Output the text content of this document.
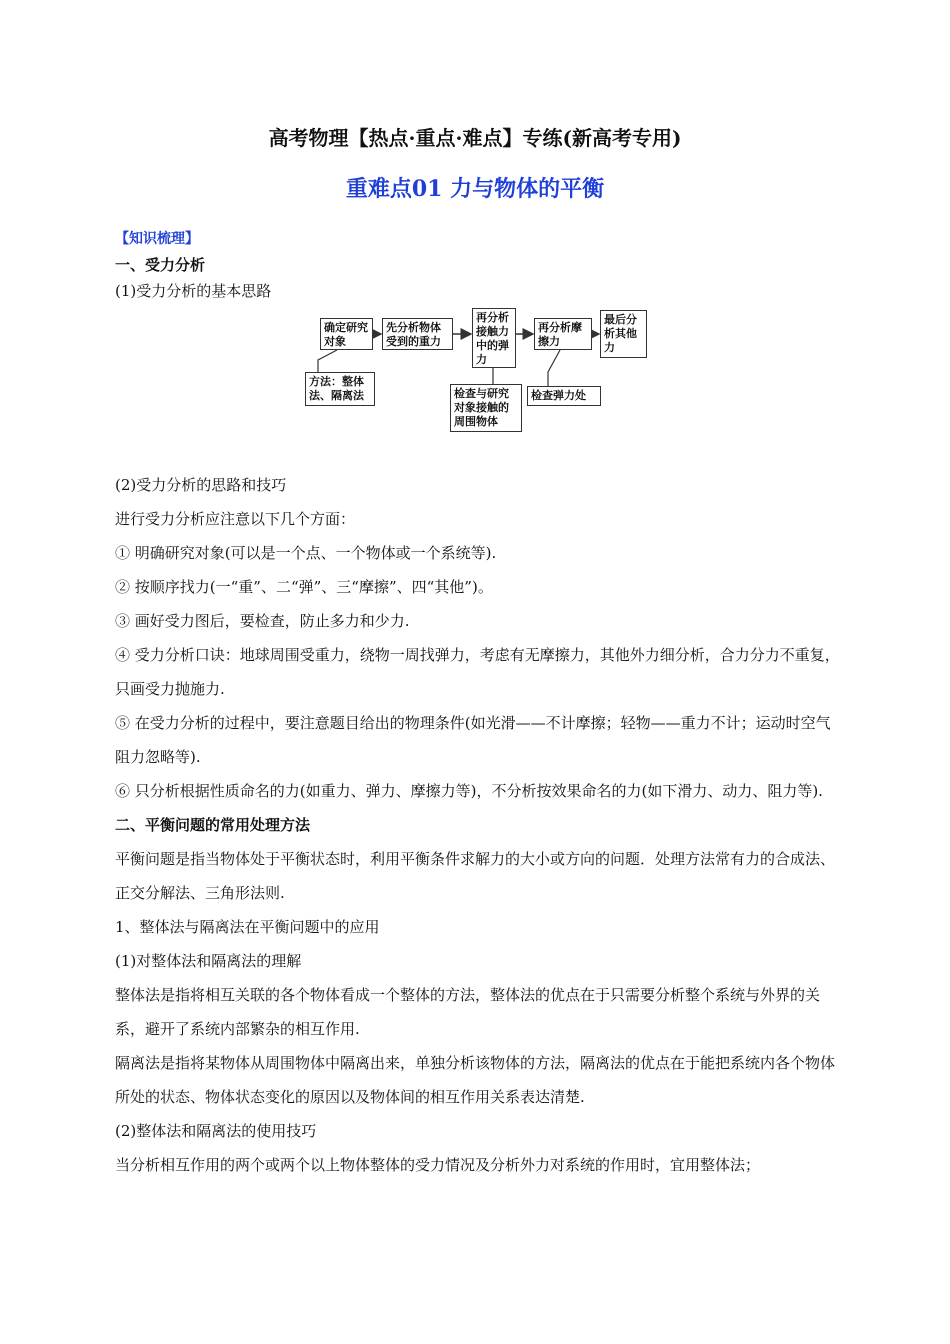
高考物理【热点·重点·难点】专练(新高考专用)
重难点01 力与物体的平衡
【知识梳理】
一、受力分析

(1)受力分析的基本思路

确定研究对象
先分析物体受到的重力
再分析接触力中的弹力
再分析摩擦力
最后分析其他力
方法：整体法、隔离法	检查与研究对象接触的周围物体
检查弹力处

(2)受力分析的思路和技巧

进行受力分析应注意以下几个方面：

① 明确研究对象(可以是一个点、一个物体或一个系统等).

② 按顺序找力(一“重”、二“弹”、三“摩擦”、四“其他”)。

③ 画好受力图后，要检查，防止多力和少力.

④ 受力分析口诀：地球周围受重力，绕物一周找弹力，考虑有无摩擦力，其他外力细分析，合力分力不重复，只画受力抛施力.

⑤ 在受力分析的过程中，要注意题目给出的物理条件(如光滑——不计摩擦；轻物——重力不计；运动时空气阻力忽略等).

⑥ 只分析根据性质命名的力(如重力、弹力、摩擦力等)，不分析按效果命名的力(如下滑力、动力、阻力等).

二、平衡问题的常用处理方法

平衡问题是指当物体处于平衡状态时，利用平衡条件求解力的大小或方向的问题．处理方法常有力的合成法、正交分解法、三角形法则.

1、整体法与隔离法在平衡问题中的应用

(1)对整体法和隔离法的理解

整体法是指将相互关联的各个物体看成一个整体的方法，整体法的优点在于只需要分析整个系统与外界的关系，避开了系统内部繁杂的相互作用.

隔离法是指将某物体从周围物体中隔离出来，单独分析该物体的方法，隔离法的优点在于能把系统内各个物体所处的状态、物体状态变化的原因以及物体间的相互作用关系表达清楚.

(2)整体法和隔离法的使用技巧

当分析相互作用的两个或两个以上物体整体的受力情况及分析外力对系统的作用时，宜用整体法；
